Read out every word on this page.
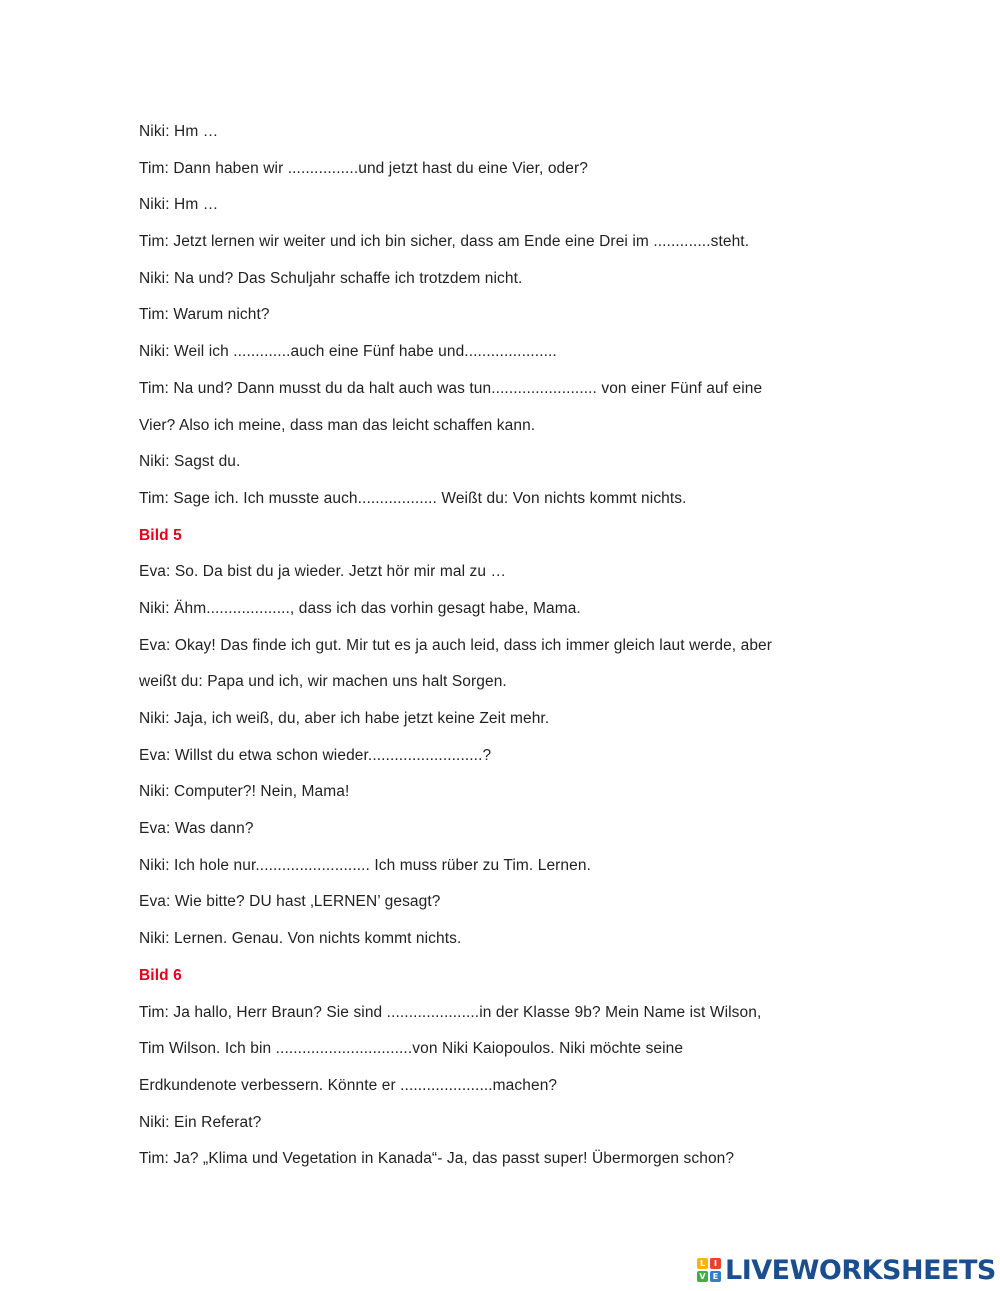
Niki: Hm …
Tim: Dann haben wir ................und jetzt hast du eine Vier, oder?
Niki: Hm …
Tim: Jetzt lernen wir weiter und ich bin sicher, dass am Ende eine Drei im .............steht.
Niki: Na und? Das Schuljahr schaffe ich trotzdem nicht.
Tim: Warum nicht?
Niki: Weil ich .............auch eine Fünf habe und.....................
Tim: Na und? Dann musst du da halt auch was tun........................ von einer Fünf auf eine
Vier? Also ich meine, dass man das leicht schaffen kann.
Niki: Sagst du.
Tim: Sage ich. Ich musste auch.................. Weißt du: Von nichts kommt nichts.
Bild 5
Eva: So. Da bist du ja wieder. Jetzt hör mir mal zu …
Niki: Ähm..................., dass ich das vorhin gesagt habe, Mama.
Eva: Okay! Das finde ich gut. Mir tut es ja auch leid, dass ich immer gleich laut werde, aber
weißt du: Papa und ich, wir machen uns halt Sorgen.
Niki: Jaja, ich weiß, du, aber ich habe jetzt keine Zeit mehr.
Eva: Willst du etwa schon wieder..........................?
Niki: Computer?! Nein, Mama!
Eva: Was dann?
Niki: Ich hole nur.......................... Ich muss rüber zu Tim. Lernen.
Eva: Wie bitte? DU hast ‚LERNEN’ gesagt?
Niki: Lernen. Genau. Von nichts kommt nichts.
Bild 6
Tim: Ja hallo, Herr Braun? Sie sind .....................in der Klasse 9b? Mein Name ist Wilson,
Tim Wilson. Ich bin ...............................von Niki Kaiopoulos. Niki möchte seine
Erdkundenote verbessern. Könnte er .....................machen?
Niki: Ein Referat?
Tim: Ja? „Klima und Vegetation in Kanada“- Ja, das passt super! Übermorgen schon?
L	I
V E LIVEWORKSHEETS
